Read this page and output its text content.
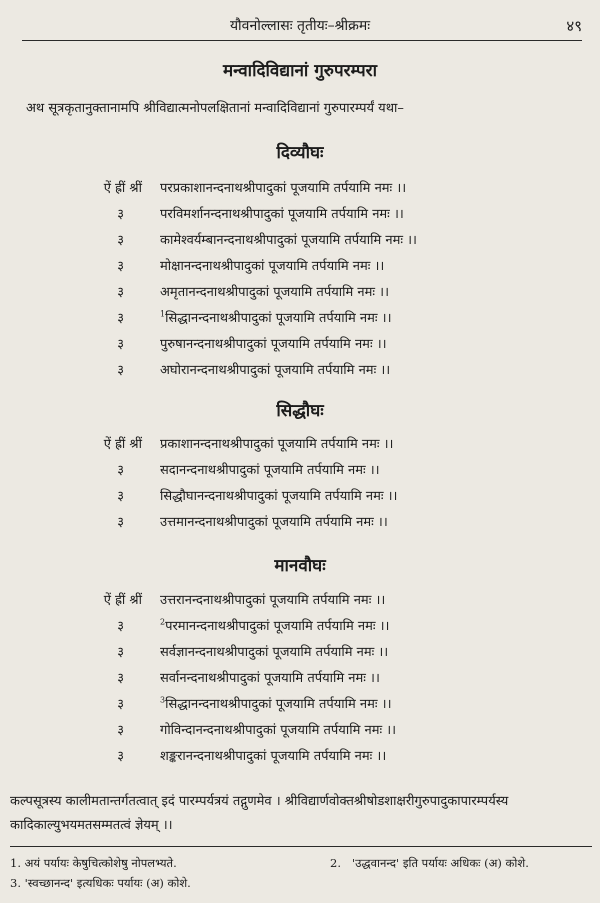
यौवनोल्लासः तृतीयः–श्रीक्रमः	४९
मन्वादिविद्यानां गुरुपरम्परा
अथ सूत्रकृतानुक्तानामपि श्रीविद्यात्मनोपलक्षितानां मन्वादिविद्यानां गुरुपारम्पर्यं यथा–
दिव्यौघः
ऐं ह्रीं श्रीं परप्रकाशानन्दनाथश्रीपादुकां पूजयामि तर्पयामि नमः ।।
३	परविमर्शानन्दनाथश्रीपादुकां पूजयामि तर्पयामि नमः ।।
३	कामेश्वर्यम्बानन्दनाथश्रीपादुकां पूजयामि तर्पयामि नमः ।।
३	मोक्षानन्दनाथश्रीपादुकां पूजयामि तर्पयामि नमः ।।
३	अमृतानन्दनाथश्रीपादुकां पूजयामि तर्पयामि नमः ।।
३	$^1$सिद्धानन्दनाथश्रीपादुकां पूजयामि तर्पयामि नमः ।।
३	पुरुषानन्दनाथश्रीपादुकां पूजयामि तर्पयामि नमः ।।
३	अघोरानन्दनाथश्रीपादुकां पूजयामि तर्पयामि नमः ।।
सिद्धौघः
ऐं ह्रीं श्रीं प्रकाशानन्दनाथश्रीपादुकां पूजयामि तर्पयामि नमः ।।
३	सदानन्दनाथश्रीपादुकां पूजयामि तर्पयामि नमः ।।
३	सिद्धौघानन्दनाथश्रीपादुकां पूजयामि तर्पयामि नमः ।।
३	उत्तमानन्दनाथश्रीपादुकां पूजयामि तर्पयामि नमः ।।
मानवौघः
ऐं ह्रीं श्रीं उत्तरानन्दनाथश्रीपादुकां पूजयामि तर्पयामि नमः ।।
३	$^2$परमानन्दनाथश्रीपादुकां पूजयामि तर्पयामि नमः ।।
३	सर्वज्ञानन्दनाथश्रीपादुकां पूजयामि तर्पयामि नमः ।।
३	सर्वानन्दनाथश्रीपादुकां पूजयामि तर्पयामि नमः ।।
३	$^3$सिद्धानन्दनाथश्रीपादुकां पूजयामि तर्पयामि नमः ।।
३	गोविन्दानन्दनाथश्रीपादुकां पूजयामि तर्पयामि नमः ।।
३	शङ्करानन्दनाथश्रीपादुकां पूजयामि तर्पयामि नमः ।।

कल्पसूत्रस्य कालीमतान्तर्गतत्वात् इदं पारम्पर्यत्रयं तद्गुणमेव । श्रीविद्यार्णवोक्तश्रीषोडशाक्षरीगुरुपादुकापारम्पर्यस्य

कादिकाल्युभयमतसम्मतत्वं ज्ञेयम् ।।

1. अयं पर्यायः केषुचित्कोशेषु नोपलभ्यते.	2. 'उद्धवानन्द' इति पर्यायः अधिकः (अ) कोशे.
3. 'स्वच्छानन्द' इत्यधिकः पर्यायः (अ) कोशे.
